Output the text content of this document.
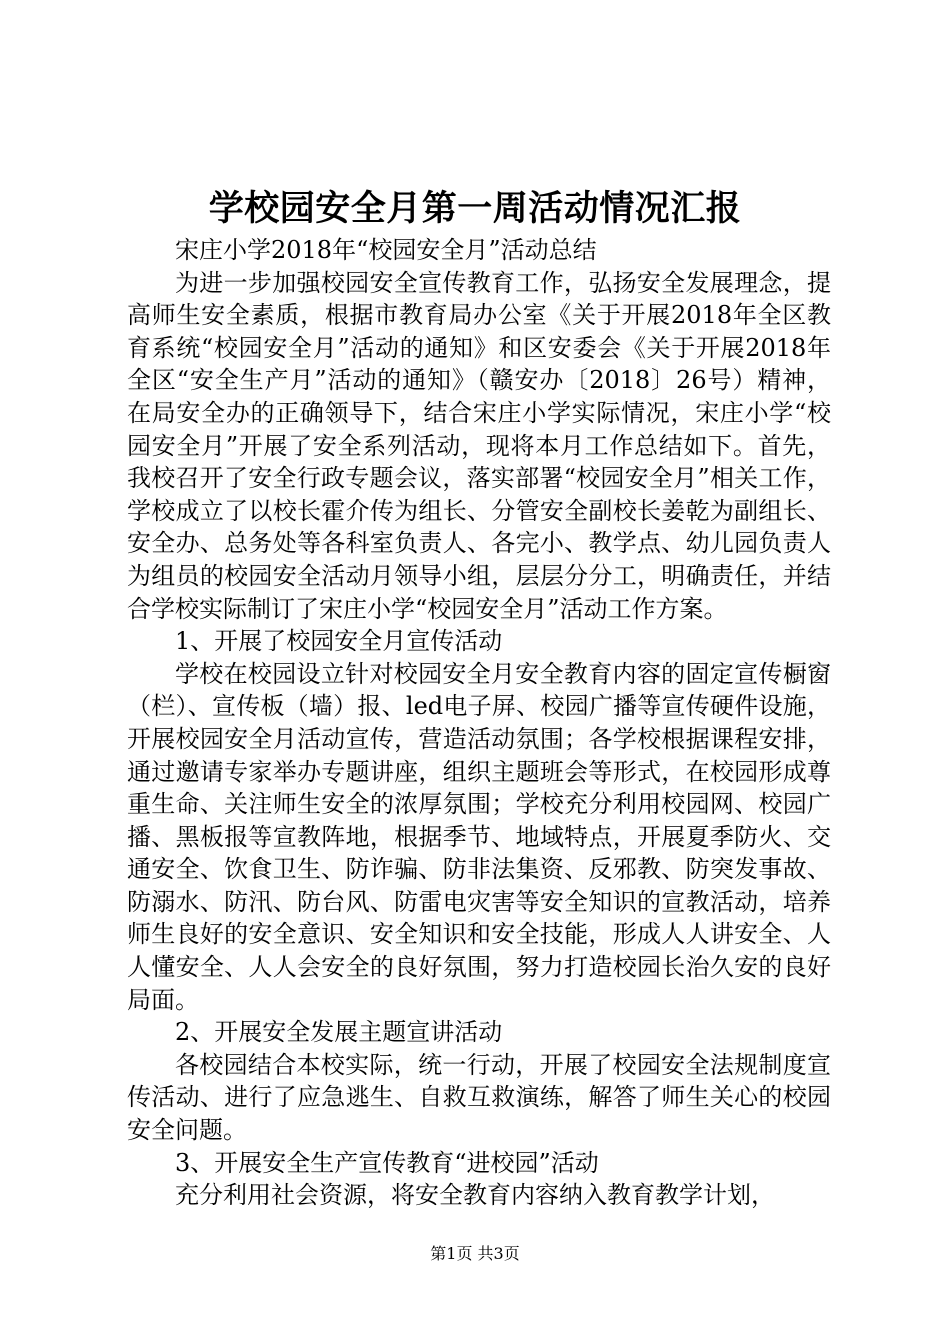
学校园安全月第一周活动情况汇报

宋庄小学2018年“校园安全月”活动总结

为进一步加强校园安全宣传教育工作，弘扬安全发展理念，提高师生安全素质，根据市教育局办公室《关于开展2018年全区教育系统“校园安全月”活动的通知》和区安委会《关于开展2018年全区“安全生产月”活动的通知》（赣安办〔2018〕26号）精神，在局安全办的正确领导下，结合宋庄小学实际情况，宋庄小学“校园安全月”开展了安全系列活动，现将本月工作总结如下。首先，我校召开了安全行政专题会议，落实部署“校园安全月”相关工作，学校成立了以校长霍介传为组长、分管安全副校长姜乾为副组长、安全办、总务处等各科室负责人、各完小、教学点、幼儿园负责人为组员的校园安全活动月领导小组，层层分分工，明确责任，并结合学校实际制订了宋庄小学“校园安全月”活动工作方案。

1、开展了校园安全月宣传活动

学校在校园设立针对校园安全月安全教育内容的固定宣传橱窗（栏）、宣传板（墙）报、led电子屏、校园广播等宣传硬件设施，开展校园安全月活动宣传，营造活动氛围；各学校根据课程安排，通过邀请专家举办专题讲座，组织主题班会等形式，在校园形成尊重生命、关注师生安全的浓厚氛围；学校充分利用校园网、校园广播、黑板报等宣教阵地，根据季节、地域特点，开展夏季防火、交通安全、饮食卫生、防诈骗、防非法集资、反邪教、防突发事故、防溺水、防汛、防台风、防雷电灾害等安全知识的宣教活动，培养师生良好的安全意识、安全知识和安全技能，形成人人讲安全、人人懂安全、人人会安全的良好氛围，努力打造校园长治久安的良好局面。

2、开展安全发展主题宣讲活动

各校园结合本校实际，统一行动，开展了校园安全法规制度宣传活动、进行了应急逃生、自救互救演练，解答了师生关心的校园安全问题。

3、开展安全生产宣传教育“进校园”活动

充分利用社会资源，将安全教育内容纳入教育教学计划，

第1页 共3页
